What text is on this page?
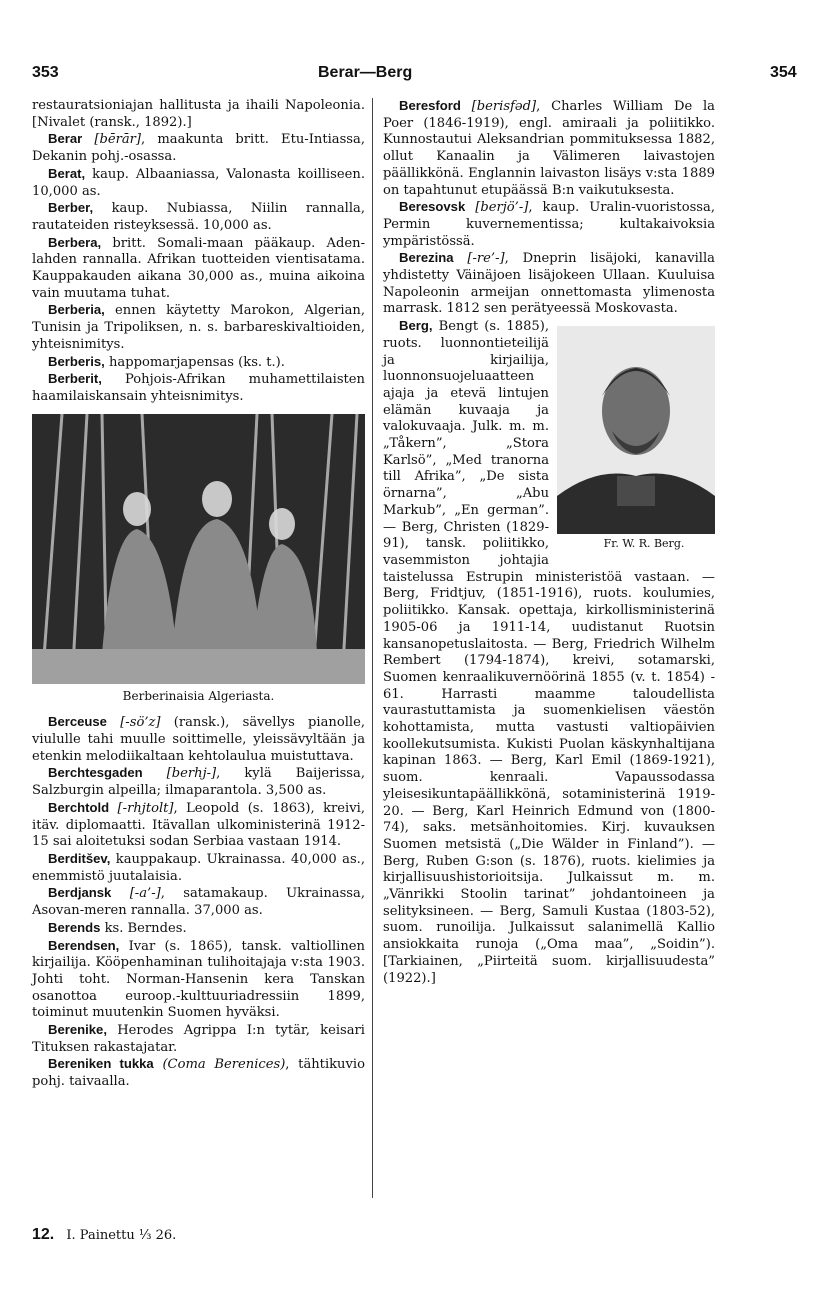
353	Berar—Berg	354

restauratsioniajan hallitusta ja ihaili Napoleonia. [Nivalet (ransk., 1892).]

Berar [bērār], maakunta britt. Etu-Intiassa, Dekanin pohj.-osassa.

Berat, kaup. Albaaniassa, Valonasta koilliseen. 10,000 as.

Berber, kaup. Nubiassa, Niilin rannalla, rautateiden risteyksessä. 10,000 as.

Berbera, britt. Somali-maan pääkaup. Aden-lahden rannalla. Afrikan tuotteiden vientisatama. Kauppakauden aikana 30,000 as., muina aikoina vain muutama tuhat.

Berberia, ennen käytetty Marokon, Algerian, Tunisin ja Tripoliksen, n. s. barbareskivaltioiden, yhteisnimitys.

Berberis, happomarjapensas (ks. t.).

Berberit, Pohjois-Afrikan muhamettilaisten haamilaiskansain yhteisnimitys.

Berberinaisia Algeriasta.

Berceuse [-sö’z] (ransk.), sävellys pianolle, viululle tahi muulle soittimelle, yleissävyltään ja etenkin melodiikaltaan kehtolaulua muistuttava.

Berchtesgaden [berhj-], kylä Baijerissa, Salzburgin alpeilla; ilmaparantola. 3,500 as.

Berchtold [-rhjtolt], Leopold (s. 1863), kreivi, itäv. diplomaatti. Itävallan ulkoministerinä 1912-15 sai aloitetuksi sodan Serbiaa vastaan 1914.

Berditšev, kauppakaup. Ukrainassa. 40,000 as., enemmistö juutalaisia.

Berdjansk [-a’-], satamakaup. Ukrainassa, Asovan-meren rannalla. 37,000 as.

Berends ks. Berndes.

Berendsen, Ivar (s. 1865), tansk. valtiollinen kirjailija. Kööpenhaminan tulihoitajaja v:sta 1903. Johti toht. Norman-Hansenin kera Tanskan osanottoa euroop.-kulttuuriadressiin 1899, toiminut muutenkin Suomen hyväksi.

Berenike, Herodes Agrippa I:n tytär, keisari Tituksen rakastajatar.

Bereniken tukka (Coma Berenices), tähtikuvio pohj. taivaalla.

Beresford [berisfəd], Charles William De la Poer (1846-1919), engl. amiraali ja poliitikko. Kunnostautui Aleksandrian pommituksessa 1882, ollut Kanaalin ja Välimeren laivastojen päällikkönä. Englannin laivaston lisäys v:sta 1889 on tapahtunut etupäässä B:n vaikutuksesta.

Beresovsk [berjö’-], kaup. Uralin-vuoristossa, Permin kuvernementissa; kultakaivoksia ympäristössä.

Berezina [-re’-], Dneprin lisäjoki, kanavilla yhdistetty Väinäjoen lisäjokeen Ullaan. Kuuluisa Napoleonin armeijan onnettomasta ylimenosta marrask. 1812 sen perätyeessä Moskovasta.

Fr. W. R. Berg.
Berg, Bengt (s. 1885), ruots. luonnontieteilijä ja kirjailija, luonnonsuojeluaatteen ajaja ja etevä lintujen elämän kuvaaja ja valokuvaaja. Julk. m. m. „Tåkern”, „Stora Karlsö”, „Med tranorna till Afrika”, „De sista örnarna”, „Abu Markub”, „En german”. — Berg, Christen (1829-91), tansk. poliitikko, vasemmiston johtajia taistelussa Estrupin ministeristöä vastaan. — Berg, Fridtjuv, (1851-1916), ruots. koulumies, poliitikko. Kansak. opettaja, kirkollisministerinä 1905-06 ja 1911-14, uudistanut Ruotsin kansanopetuslaitosta. — Berg, Friedrich Wilhelm Rembert (1794-1874), kreivi, sotamarski, Suomen kenraalikuvernöörinä 1855 (v. t. 1854) - 61. Harrasti maamme taloudellista vaurastuttamista ja suomenkielisen väestön kohottamista, mutta vastusti valtiopäivien koollekutsumista. Kukisti Puolan käskynhaltijana kapinan 1863. — Berg, Karl Emil (1869-1921), suom. kenraali. Vapaussodassa yleisesikuntapäällikkönä, sotaministerinä 1919-20. — Berg, Karl Heinrich Edmund von (1800-74), saks. metsänhoitomies. Kirj. kuvauksen Suomen metsistä („Die Wälder in Finland”). — Berg, Ruben G:son (s. 1876), ruots. kielimies ja kirjallisuushistorioitsija. Julkaissut m. m. „Vänrikki Stoolin tarinat” johdantoineen ja selityksineen. — Berg, Samuli Kustaa (1803-52), suom. runoilija. Julkaissut salanimellä Kallio ansiokkaita runoja („Oma maa”, „Soidin”). [Tarkiainen, „Piirteitä suom. kirjallisuudesta” (1922).]

12. I. Painettu ⅓ 26.
